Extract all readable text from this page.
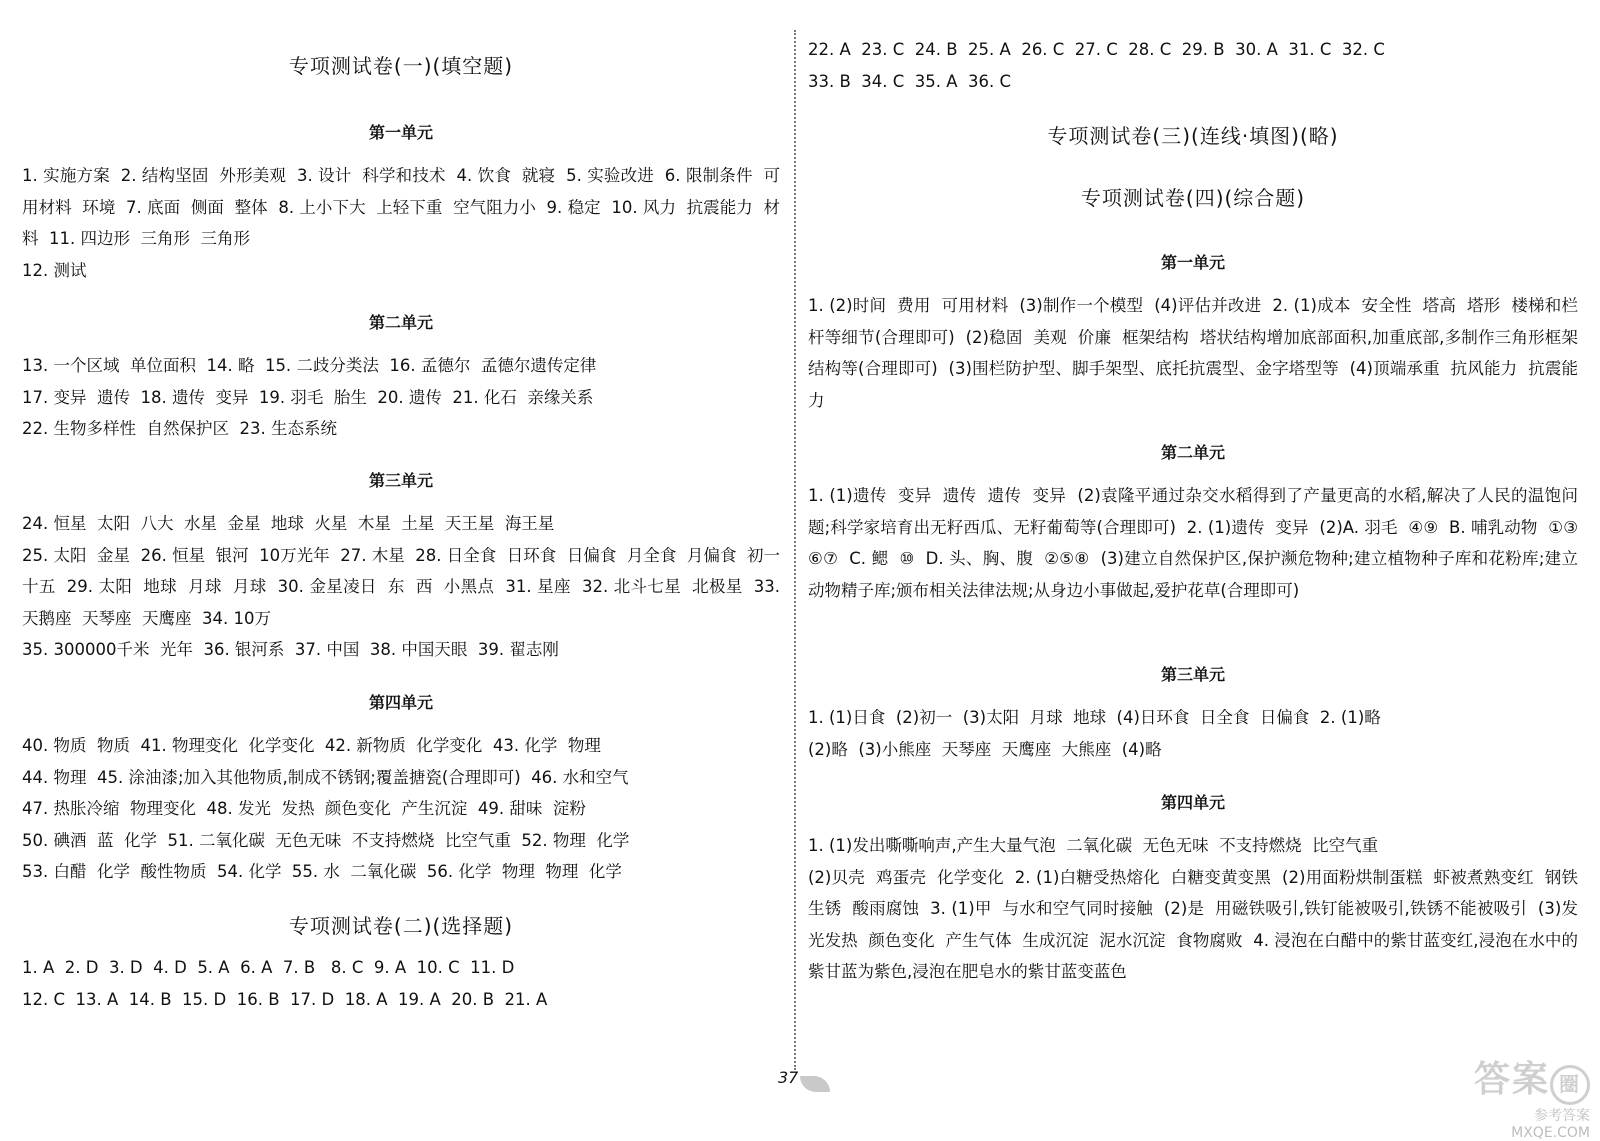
专项测试卷(一)(填空题)
第一单元

1. 实施方案  2. 结构坚固  外形美观  3. 设计  科学和技术  4. 饮食  就寝  5. 实验改进  6. 限制条件  可用材料  环境  7. 底面  侧面  整体  8. 上小下大  上轻下重  空气阻力小  9. 稳定  10. 风力  抗震能力  材料  11. 四边形  三角形  三角形
12. 测试

第二单元

13. 一个区域  单位面积  14. 略  15. 二歧分类法  16. 孟德尔  孟德尔遗传定律
17. 变异  遗传  18. 遗传  变异  19. 羽毛  胎生  20. 遗传  21. 化石  亲缘关系
22. 生物多样性  自然保护区  23. 生态系统

第三单元

24. 恒星  太阳  八大  水星  金星  地球  火星  木星  土星  天王星  海王星
25. 太阳  金星  26. 恒星  银河  10万光年  27. 木星  28. 日全食  日环食  日偏食  月全食  月偏食  初一  十五  29. 太阳  地球  月球  月球  30. 金星凌日  东  西  小黑点  31. 星座  32. 北斗七星  北极星  33. 天鹅座  天琴座  天鹰座  34. 10万
35. 300000千米  光年  36. 银河系  37. 中国  38. 中国天眼  39. 翟志刚

第四单元

40. 物质  物质  41. 物理变化  化学变化  42. 新物质  化学变化  43. 化学  物理
44. 物理  45. 涂油漆;加入其他物质,制成不锈钢;覆盖搪瓷(合理即可)  46. 水和空气
47. 热胀冷缩  物理变化  48. 发光  发热  颜色变化  产生沉淀  49. 甜味  淀粉
50. 碘酒  蓝  化学  51. 二氧化碳  无色无味  不支持燃烧  比空气重  52. 物理  化学
53. 白醋  化学  酸性物质  54. 化学  55. 水  二氧化碳  56. 化学  物理  物理  化学

专项测试卷(二)(选择题)

1. A  2. D  3. D  4. D  5. A  6. A  7. B   8. C  9. A  10. C  11. D
12. C  13. A  14. B  15. D  16. B  17. D  18. A  19. A  20. B  21. A

22. A  23. C  24. B  25. A  26. C  27. C  28. C  29. B  30. A  31. C  32. C
33. B  34. C  35. A  36. C

专项测试卷(三)(连线·填图)(略)
专项测试卷(四)(综合题)
第一单元

1. (2)时间  费用  可用材料  (3)制作一个模型  (4)评估并改进  2. (1)成本  安全性  塔高  塔形  楼梯和栏杆等细节(合理即可)  (2)稳固  美观  价廉  框架结构  塔状结构增加底部面积,加重底部,多制作三角形框架结构等(合理即可)  (3)围栏防护型、脚手架型、底托抗震型、金字塔型等  (4)顶端承重  抗风能力  抗震能力

第二单元

1. (1)遗传  变异  遗传  遗传  变异  (2)袁隆平通过杂交水稻得到了产量更高的水稻,解决了人民的温饱问题;科学家培育出无籽西瓜、无籽葡萄等(合理即可)  2. (1)遗传  变异  (2)A. 羽毛  ④⑨  B. 哺乳动物  ①③⑥⑦  C. 鳃  ⑩  D. 头、胸、腹  ②⑤⑧  (3)建立自然保护区,保护濒危物种;建立植物种子库和花粉库;建立动物精子库;颁布相关法律法规;从身边小事做起,爱护花草(合理即可)

第三单元

1. (1)日食  (2)初一  (3)太阳  月球  地球  (4)日环食  日全食  日偏食  2. (1)略
(2)略  (3)小熊座  天琴座  天鹰座  大熊座  (4)略

第四单元

1. (1)发出嘶嘶响声,产生大量气泡  二氧化碳  无色无味  不支持燃烧  比空气重
(2)贝壳  鸡蛋壳  化学变化  2. (1)白糖受热熔化  白糖变黄变黑  (2)用面粉烘制蛋糕  虾被煮熟变红  钢铁生锈  酸雨腐蚀  3. (1)甲  与水和空气同时接触  (2)是  用磁铁吸引,铁钉能被吸引,铁锈不能被吸引  (3)发光发热  颜色变化  产生气体  生成沉淀  泥水沉淀  食物腐败  4. 浸泡在白醋中的紫甘蓝变红,浸泡在水中的紫甘蓝为紫色,浸泡在肥皂水的紫甘蓝变蓝色

37	答案 圈
参考答案
MXQE.COM
